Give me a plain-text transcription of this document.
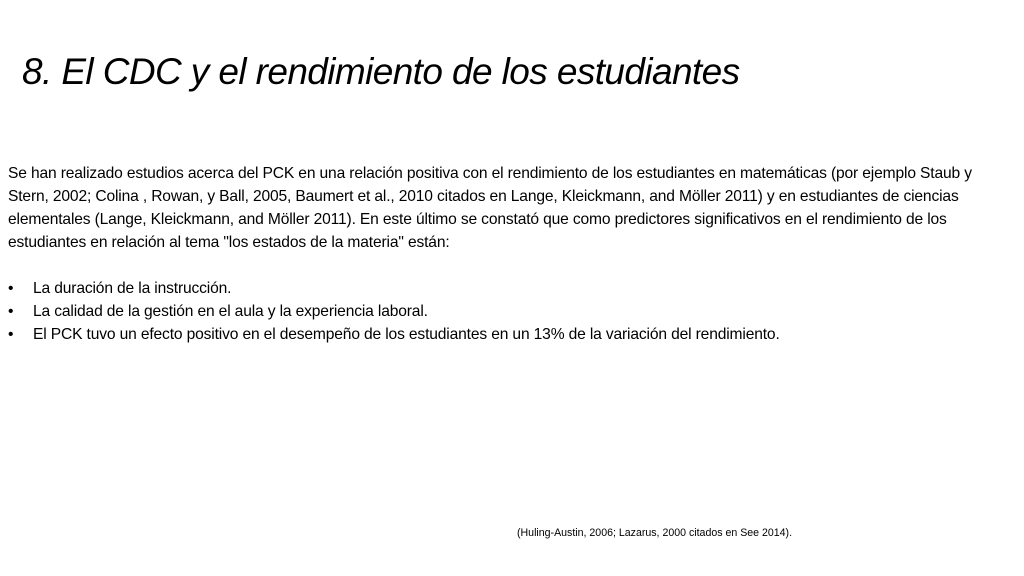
8. El CDC y el rendimiento de los estudiantes

Se han realizado estudios acerca del PCK en una relación positiva con el rendimiento de los estudiantes en matemáticas (por ejemplo Staub y Stern, 2002; Colina , Rowan, y Ball, 2005, Baumert et al., 2010 citados en Lange, Kleickmann, and Möller 2011) y en estudiantes de ciencias elementales (Lange, Kleickmann, and Möller 2011). En este último se constató que como predictores significativos en el rendimiento de los estudiantes en relación al tema "los estados de la materia" están:

•	La duración de la instrucción.
•	La calidad de la gestión en el aula y la experiencia laboral.
•	El PCK tuvo un efecto positivo en el desempeño de los estudiantes en un 13% de la variación del rendimiento.

(Huling-Austin, 2006; Lazarus, 2000 citados en See 2014).
